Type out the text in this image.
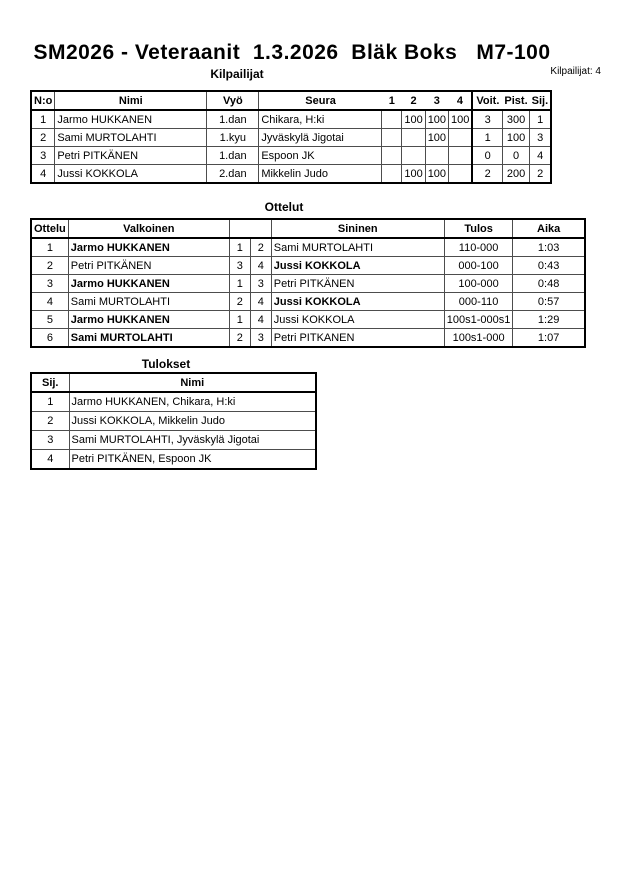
SM2026 - Veteraanit  1.3.2026  Bläk Boks   M7-100
Kilpailijat: 4
Kilpailijat
N:o	Nimi	Vyö	Seura	1	2	3	4	Voit.	Pist.	Sij.
1	Jarmo HUKKANEN	1.dan	Chikara, H:ki		100	100	100	3	300	1
2	Sami MURTOLAHTI	1.kyu	Jyväskylä Jigotai			100		1	100	3
3	Petri PITKÄNEN	1.dan	Espoon JK					0	0	4
4	Jussi KOKKOLA	2.dan	Mikkelin Judo		100	100		2	200	2
Ottelut
Ottelu	Valkoinen			Sininen	Tulos	Aika
1	Jarmo HUKKANEN	1	2	Sami MURTOLAHTI	110-000	1:03
2	Petri PITKÄNEN	3	4	Jussi KOKKOLA	000-100	0:43
3	Jarmo HUKKANEN	1	3	Petri PITKÄNEN	100-000	0:48
4	Sami MURTOLAHTI	2	4	Jussi KOKKOLA	000-110	0:57
5	Jarmo HUKKANEN	1	4	Jussi KOKKOLA	100s1-000s1	1:29
6	Sami MURTOLAHTI	2	3	Petri PITKANEN	100s1-000	1:07
Tulokset
Sij.	Nimi
1	Jarmo HUKKANEN, Chikara, H:ki
2	Jussi KOKKOLA, Mikkelin Judo
3	Sami MURTOLAHTI, Jyväskylä Jigotai
4	Petri PITKÄNEN, Espoon JK
